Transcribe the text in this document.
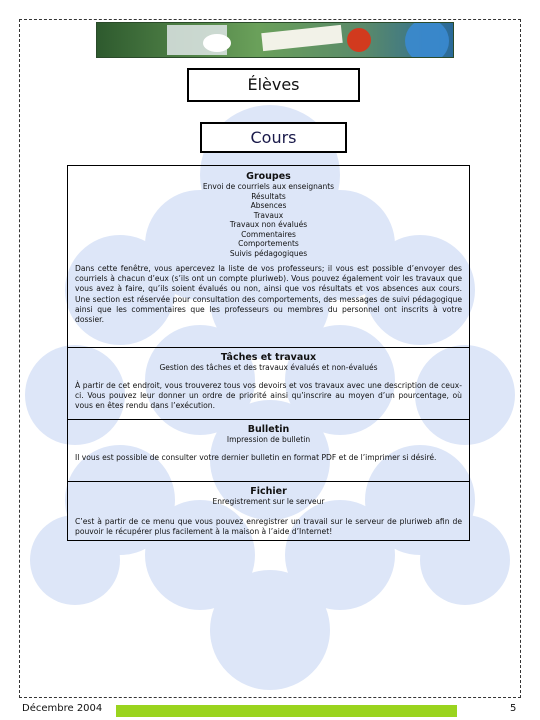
Élèves
Cours

Groupes

Envoi de courriels aux enseignants

Résultats

Absences

Travaux

Travaux non évalués

Commentaires

Comportements

Suivis pédagogiques

Dans cette fenêtre, vous apercevez la liste de vos professeurs; il vous est possible d’envoyer des courriels à chacun d’eux (s’ils ont un compte pluriweb). Vous pouvez également voir les travaux que vous avez à faire, qu’ils soient évalués ou non, ainsi que vos résultats et vos absences aux cours. Une section est réservée pour consultation des comportements, des messages de suivi pédagogique ainsi que les commentaires que les professeurs ou membres du personnel ont inscrits à votre dossier.

Tâches et travaux

Gestion des tâches et des travaux évalués et non-évalués

À partir de cet endroit, vous trouverez tous vos devoirs et vos travaux avec une description de ceux-ci. Vous pouvez leur donner un ordre de priorité ainsi qu’inscrire au moyen d’un pourcentage, où vous en êtes rendu dans l’exécution.

Bulletin

Impression de bulletin

Il vous est possible de consulter votre dernier bulletin en format PDF et de l’imprimer si désiré.

Fichier

Enregistrement sur le serveur

C’est à partir de ce menu que vous pouvez enregistrer un travail sur le serveur de pluriweb afin de pouvoir le récupérer plus facilement à la maison à l’aide d’Internet!

Décembre 2004	5
